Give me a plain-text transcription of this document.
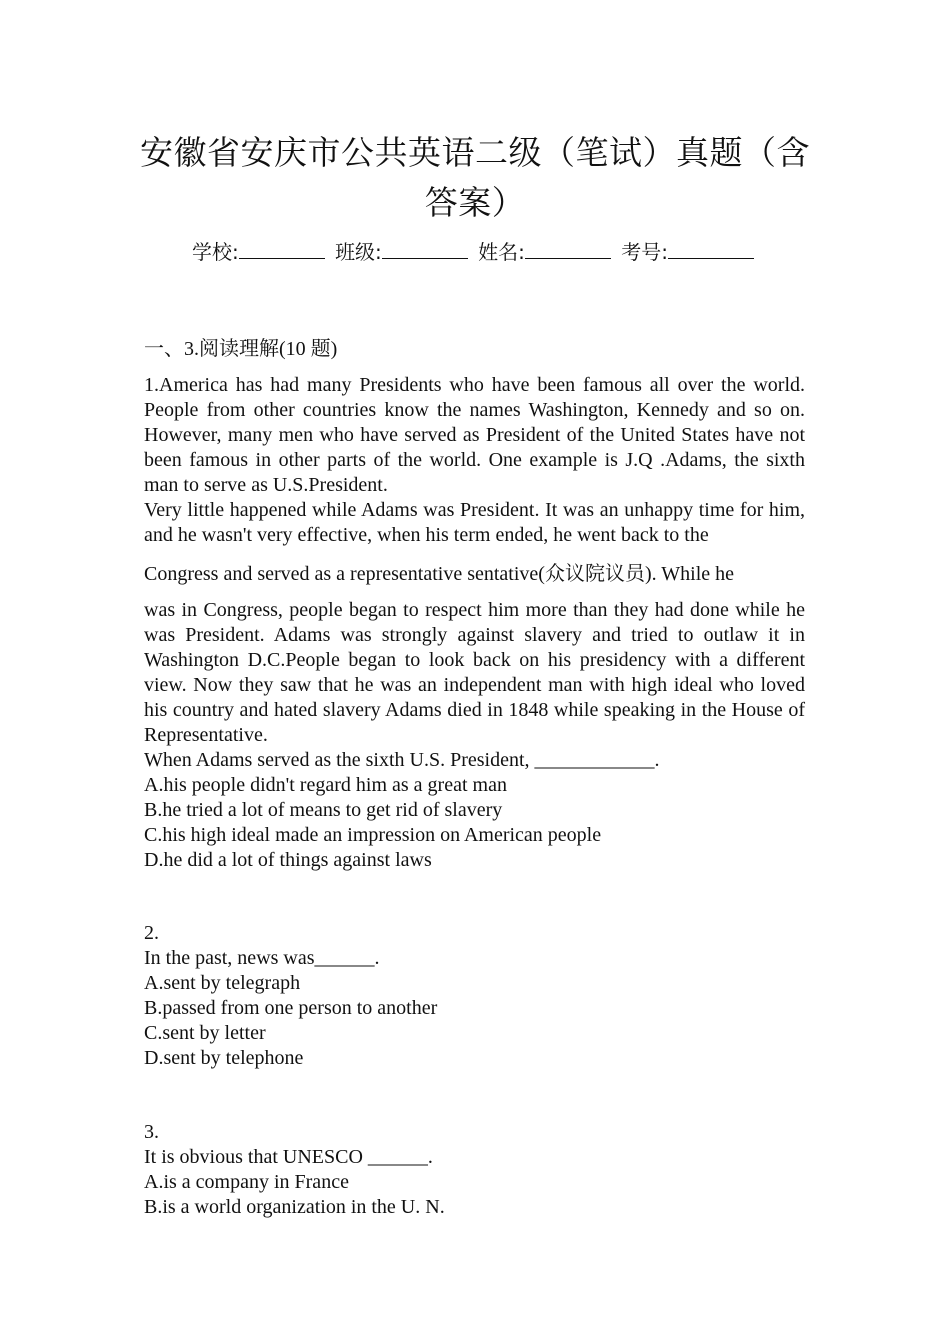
安徽省安庆市公共英语二级（笔试）真题（含
答案）
学校:	班级:	姓名:	考号:
一、3.阅读理解(10 题)

1.America has had many Presidents who have been famous all over the world. People from other countries know the names Washington, Kennedy and so on. However, many men who have served as President of the United States have not been famous in other parts of the world. One example is J.Q .Adams, the sixth man to serve as U.S.President.

Very little happened while Adams was President. It was an unhappy time for him, and he wasn't very effective, when his term ended, he went back to the

Congress and served as a representative sentative(众议院议员). While he

was in Congress, people began to respect him more than they had done while he was President. Adams was strongly against slavery and tried to outlaw it in Washington D.C.People began to look back on his presidency with a different view. Now they saw that he was an independent man with high ideal who loved his country and hated slavery Adams died in 1848 while speaking in the House of Representative.

When Adams served as the sixth U.S. President, ____________.

A.his people didn't regard him as a great man

B.he tried a lot of means to get rid of slavery

C.his high ideal made an impression on American people

D.he did a lot of things against laws

2.

In the past, news was______.

A.sent by telegraph

B.passed from one person to another

C.sent by letter

D.sent by telephone

3.

It is obvious that UNESCO ______.

A.is a company in France

B.is a world organization in the U. N.
